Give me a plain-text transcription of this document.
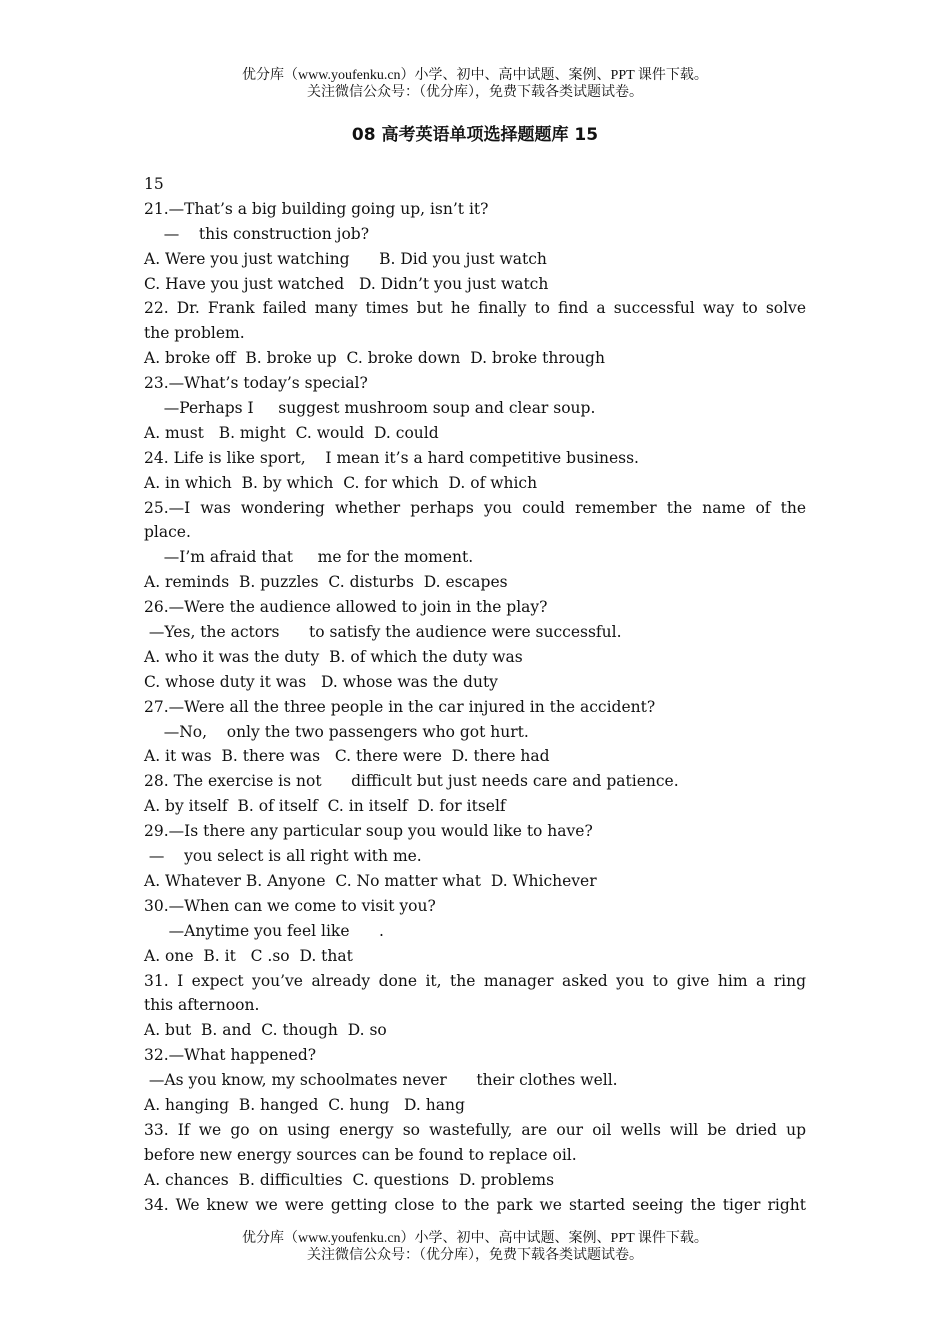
优分库（www.youfenku.cn）小学、初中、高中试题、案例、PPT 课件下载。
关注微信公众号：（优分库），免费下载各类试题试卷。
08 高考英语单项选择题题库 15
15
21.—That’s a big building going up, isn’t it?
—    this construction job?
A. Were you just watching      B. Did you just watch
C. Have you just watched   D. Didn’t you just watch
22. Dr. Frank failed many times but he finally to find a successful way to solve
the problem.
A. broke off  B. broke up  C. broke down  D. broke through
23.—What’s today’s special?
—Perhaps I     suggest mushroom soup and clear soup.
A. must   B. might  C. would  D. could
24. Life is like sport,    I mean it’s a hard competitive business.
A. in which  B. by which  C. for which  D. of which
25.—I was wondering whether perhaps you could remember the name of the
place.
—I’m afraid that     me for the moment.
A. reminds  B. puzzles  C. disturbs  D. escapes
26.—Were the audience allowed to join in the play?
—Yes, the actors      to satisfy the audience were successful.
A. who it was the duty  B. of which the duty was
C. whose duty it was   D. whose was the duty
27.—Were all the three people in the car injured in the accident?
—No,    only the two passengers who got hurt.
A. it was  B. there was   C. there were  D. there had
28. The exercise is not      difficult but just needs care and patience.
A. by itself  B. of itself  C. in itself  D. for itself
29.—Is there any particular soup you would like to have?
—    you select is all right with me.
A. Whatever B. Anyone  C. No matter what  D. Whichever
30.—When can we come to visit you?
—Anytime you feel like      .
A. one  B. it   C .so  D. that
31. I expect you’ve already done it, the manager asked you to give him a ring
this afternoon.
A. but  B. and  C. though  D. so
32.—What happened?
—As you know, my schoolmates never      their clothes well.
A. hanging  B. hanged  C. hung   D. hang
33. If we go on using energy so wastefully, are our oil wells will be dried up
before new energy sources can be found to replace oil.
A. chances  B. difficulties  C. questions  D. problems
34. We knew we were getting close to the park we started seeing the tiger right
优分库（www.youfenku.cn）小学、初中、高中试题、案例、PPT 课件下载。
关注微信公众号：（优分库），免费下载各类试题试卷。
